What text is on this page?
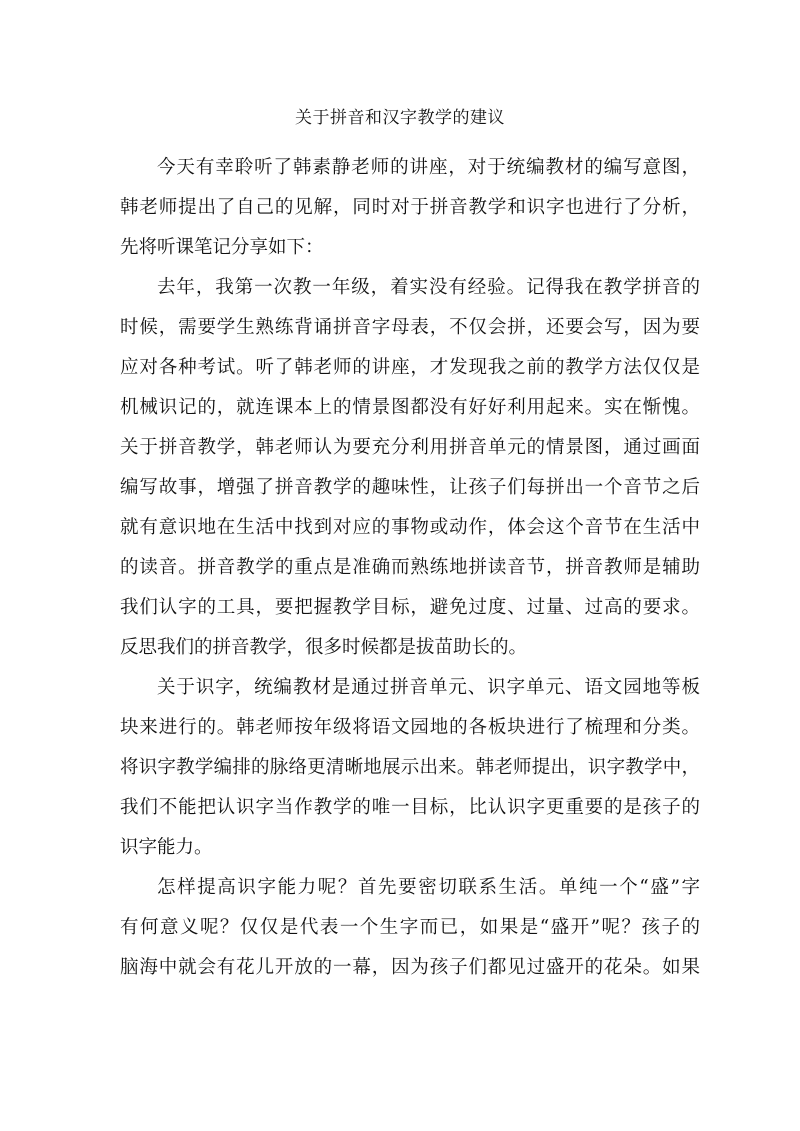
关于拼音和汉字教学的建议
今天有幸聆听了韩素静老师的讲座，对于统编教材的编写意图，
韩老师提出了自己的见解，同时对于拼音教学和识字也进行了分析，
先将听课笔记分享如下：
去年，我第一次教一年级，着实没有经验。记得我在教学拼音的
时候，需要学生熟练背诵拼音字母表，不仅会拼，还要会写，因为要
应对各种考试。听了韩老师的讲座，才发现我之前的教学方法仅仅是
机械识记的，就连课本上的情景图都没有好好利用起来。实在惭愧。
关于拼音教学，韩老师认为要充分利用拼音单元的情景图，通过画面
编写故事，增强了拼音教学的趣味性，让孩子们每拼出一个音节之后
就有意识地在生活中找到对应的事物或动作，体会这个音节在生活中
的读音。拼音教学的重点是准确而熟练地拼读音节，拼音教师是辅助
我们认字的工具，要把握教学目标，避免过度、过量、过高的要求。
反思我们的拼音教学，很多时候都是拔苗助长的。
关于识字，统编教材是通过拼音单元、识字单元、语文园地等板
块来进行的。韩老师按年级将语文园地的各板块进行了梳理和分类。
将识字教学编排的脉络更清晰地展示出来。韩老师提出，识字教学中，
我们不能把认识字当作教学的唯一目标，比认识字更重要的是孩子的
识字能力。
怎样提高识字能力呢？首先要密切联系生活。单纯一个“盛”字
有何意义呢？仅仅是代表一个生字而已，如果是“盛开”呢？孩子的
脑海中就会有花儿开放的一幕，因为孩子们都见过盛开的花朵。如果
